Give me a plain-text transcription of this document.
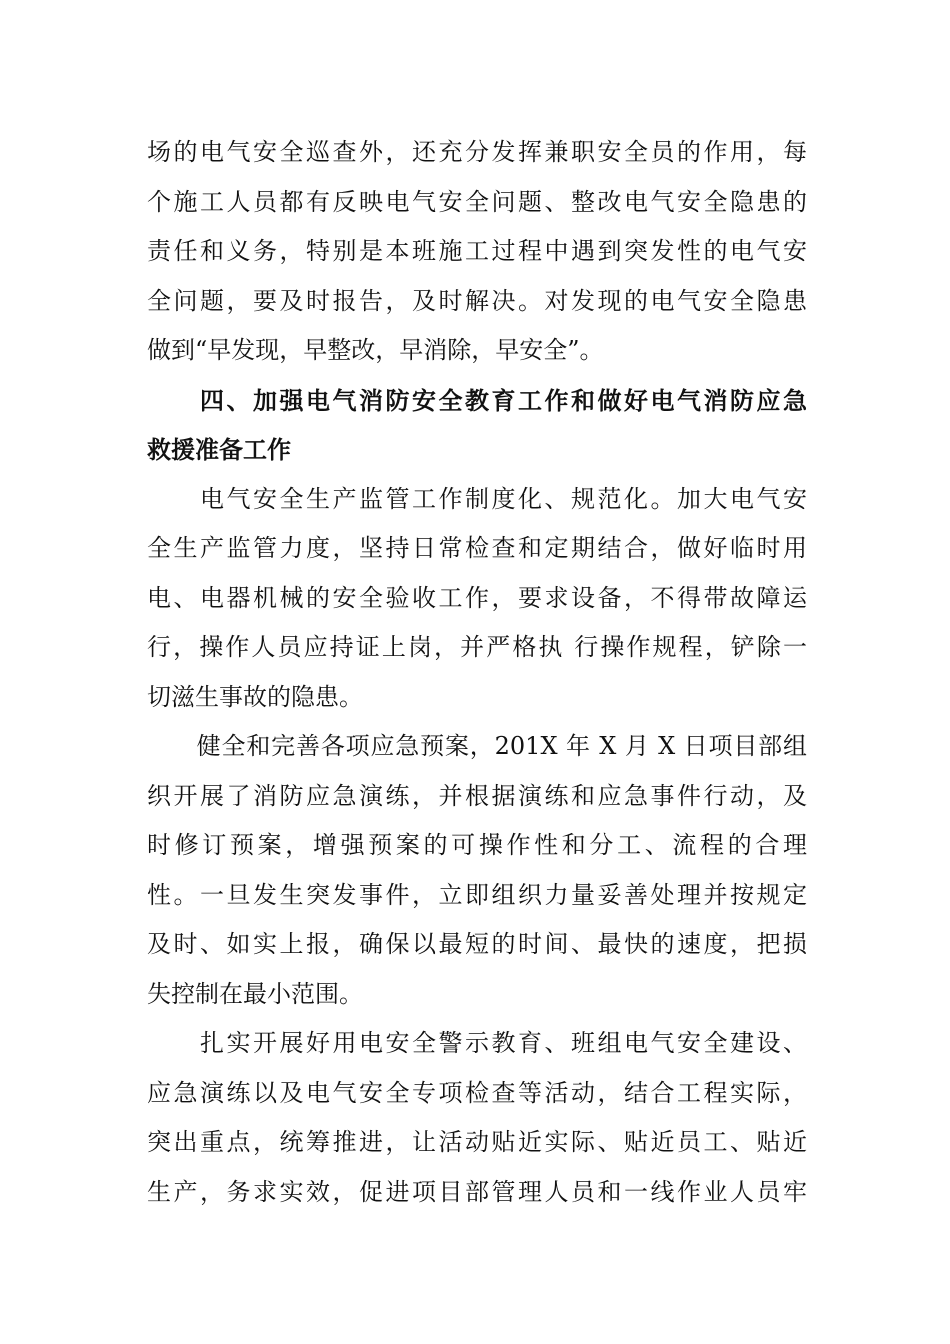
场的电气安全巡查外，还充分发挥兼职安全员的作用，每
个施工人员都有反映电气安全问题、整改电气安全隐患的
责任和义务，特别是本班施工过程中遇到突发性的电气安
全问题，要及时报告，及时解决。对发现的电气安全隐患
做到“早发现，早整改，早消除，早安全”。
　　四、加强电气消防安全教育工作和做好电气消防应急
救援准备工作
　　电气安全生产监管工作制度化、规范化。加大电气安
全生产监管力度，坚持日常检查和定期结合，做好临时用
电、电器机械的安全验收工作，要求设备，不得带故障运
行，操作人员应持证上岗，并严格执 行操作规程，铲除一
切滋生事故的隐患。
　　健全和完善各项应急预案，201X 年 X 月 X 日项目部组
织开展了消防应急演练，并根据演练和应急事件行动，及
时修订预案，增强预案的可操作性和分工、流程的合理
性。一旦发生突发事件，立即组织力量妥善处理并按规定
及时、如实上报，确保以最短的时间、最快的速度，把损
失控制在最小范围。
　　扎实开展好用电安全警示教育、班组电气安全建设、
应急演练以及电气安全专项检查等活动，结合工程实际，
突出重点，统筹推进，让活动贴近实际、贴近员工、贴近
生产，务求实效，促进项目部管理人员和一线作业人员牢
